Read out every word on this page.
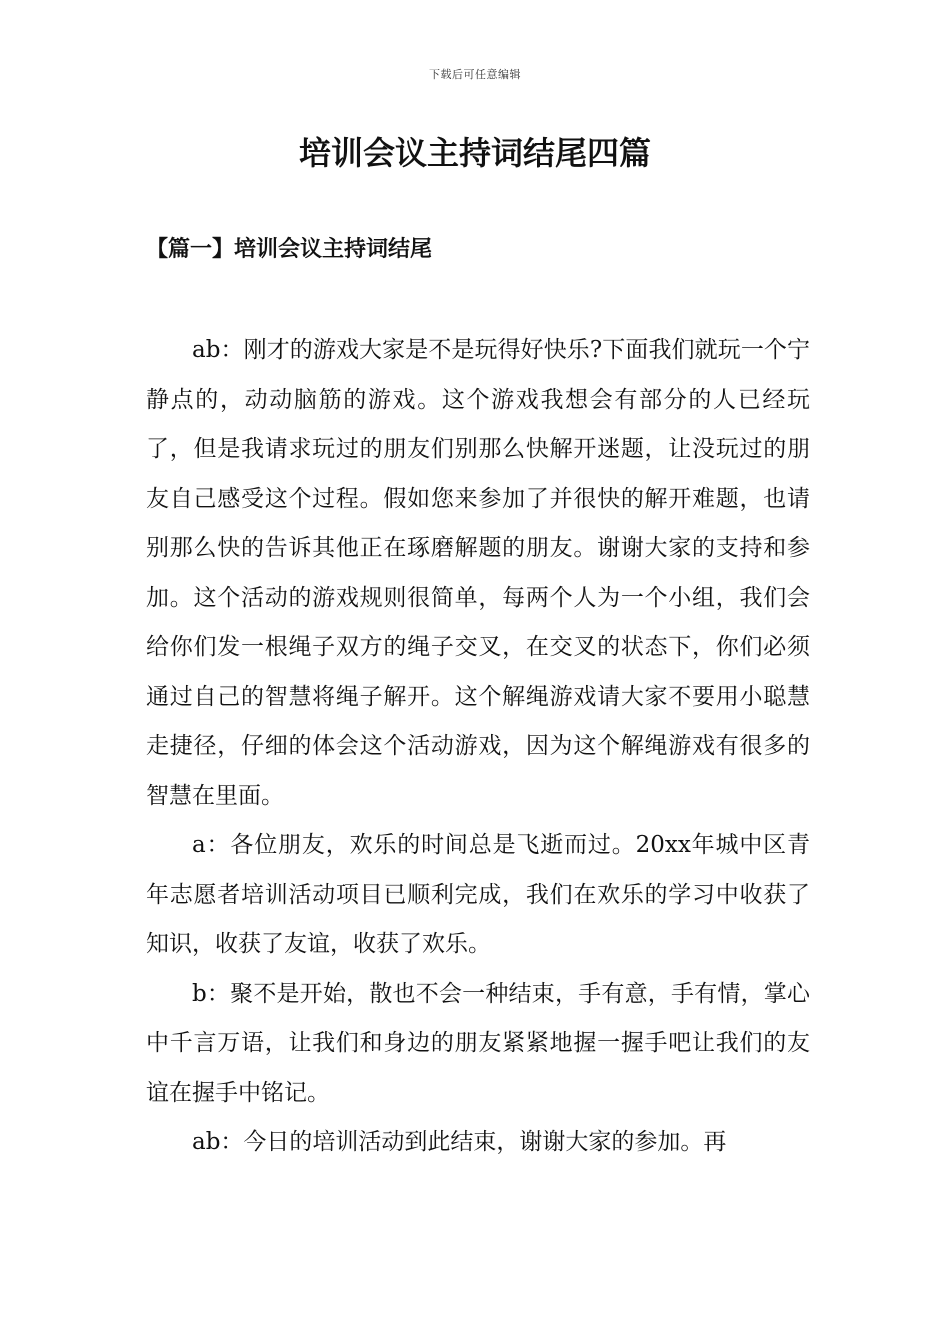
下载后可任意编辑
培训会议主持词结尾四篇
【篇一】培训会议主持词结尾

ab：刚才的游戏大家是不是玩得好快乐?下面我们就玩一个宁静点的，动动脑筋的游戏。这个游戏我想会有部分的人已经玩了，但是我请求玩过的朋友们别那么快解开迷题，让没玩过的朋友自己感受这个过程。假如您来参加了并很快的解开难题，也请别那么快的告诉其他正在琢磨解题的朋友。谢谢大家的支持和参加。这个活动的游戏规则很简单，每两个人为一个小组，我们会给你们发一根绳子双方的绳子交叉，在交叉的状态下，你们必须通过自己的智慧将绳子解开。这个解绳游戏请大家不要用小聪慧走捷径，仔细的体会这个活动游戏，因为这个解绳游戏有很多的智慧在里面。

a：各位朋友，欢乐的时间总是飞逝而过。20xx年城中区青年志愿者培训活动项目已顺利完成，我们在欢乐的学习中收获了知识，收获了友谊，收获了欢乐。

b：聚不是开始，散也不会一种结束，手有意，手有情，掌心中千言万语，让我们和身边的朋友紧紧地握一握手吧让我们的友谊在握手中铭记。

ab：今日的培训活动到此结束，谢谢大家的参加。再
